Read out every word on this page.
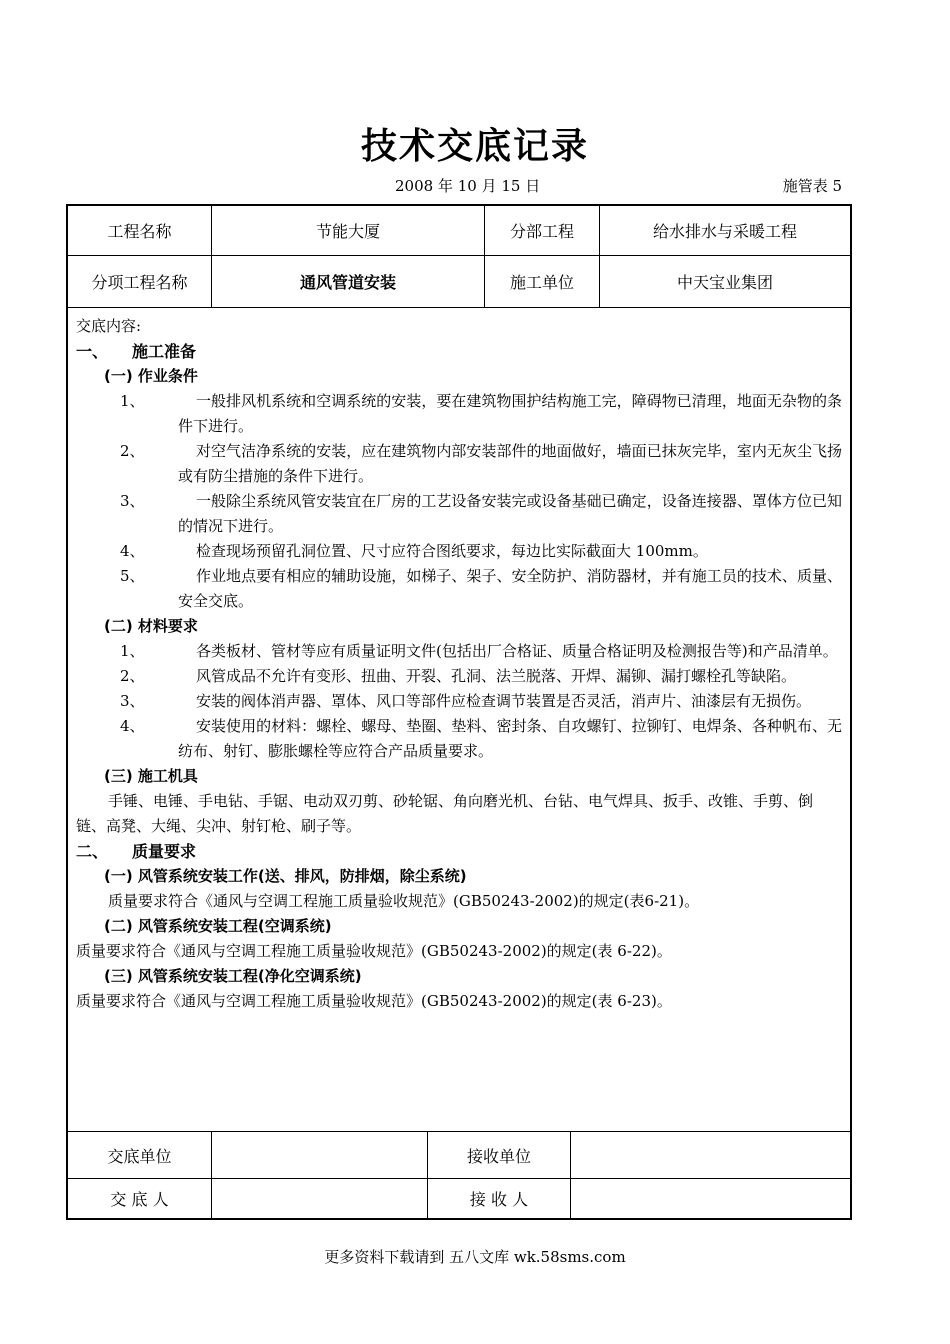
技术交底记录
2008 年 10 月 15 日	施管表 5
工程名称	节能大厦	分部工程	给水排水与采暖工程
分项工程名称	通风管道安装	施工单位	中天宝业集团
交底内容:
一、 施工准备
(一) 作业条件
1、	一般排风机系统和空调系统的安装，要在建筑物围护结构施工完，障碍物已清理，地面无杂物的条件下进行。
2、	对空气洁净系统的安装，应在建筑物内部安装部件的地面做好，墙面已抹灰完毕，室内无灰尘飞扬或有防尘措施的条件下进行。
3、	一般除尘系统风管安装宜在厂房的工艺设备安装完或设备基础已确定，设备连接器、罩体方位已知的情况下进行。
4、	检查现场预留孔洞位置、尺寸应符合图纸要求，每边比实际截面大 100mm。
5、	作业地点要有相应的辅助设施，如梯子、架子、安全防护、消防器材，并有施工员的技术、质量、安全交底。
(二) 材料要求
1、	各类板材、管材等应有质量证明文件(包括出厂合格证、质量合格证明及检测报告等)和产品清单。
2、	风管成品不允许有变形、扭曲、开裂、孔洞、法兰脱落、开焊、漏铆、漏打螺栓孔等缺陷。
3、	安装的阀体消声器、罩体、风口等部件应检查调节装置是否灵活，消声片、油漆层有无损伤。
4、	安装使用的材料：螺栓、螺母、垫圈、垫料、密封条、自攻螺钉、拉铆钉、电焊条、各种帆布、无纺布、射钉、膨胀螺栓等应符合产品质量要求。
(三) 施工机具
手锤、电锤、手电钻、手锯、电动双刃剪、砂轮锯、角向磨光机、台钻、电气焊具、扳手、改锥、手剪、倒链、高凳、大绳、尖冲、射钉枪、刷子等。
二、 质量要求
(一) 风管系统安装工作(送、排风，防排烟，除尘系统)
质量要求符合《通风与空调工程施工质量验收规范》(GB50243-2002)的规定(表6-21)。
(二) 风管系统安装工程(空调系统)
质量要求符合《通风与空调工程施工质量验收规范》(GB50243-2002)的规定(表 6-22)。
(三) 风管系统安装工程(净化空调系统)
质量要求符合《通风与空调工程施工质量验收规范》(GB50243-2002)的规定(表 6-23)。
交底单位	接收单位
交 底 人	接 收 人
更多资料下载请到 五八文库 wk.58sms.com
